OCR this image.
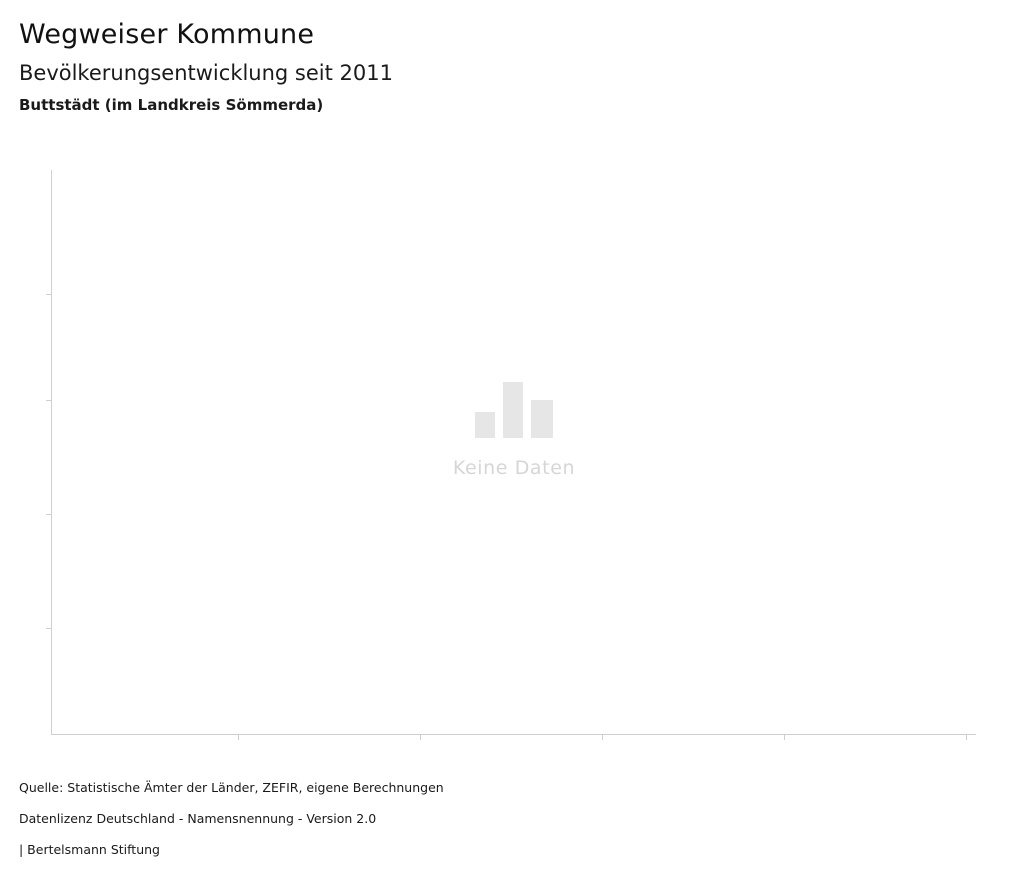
Wegweiser Kommune
Bevölkerungsentwicklung seit 2011

Buttstädt (im Landkreis Sömmerda)

Keine Daten

Quelle: Statistische Ämter der Länder, ZEFIR, eigene Berechnungen

Datenlizenz Deutschland - Namensnennung - Version 2.0

| Bertelsmann Stiftung
